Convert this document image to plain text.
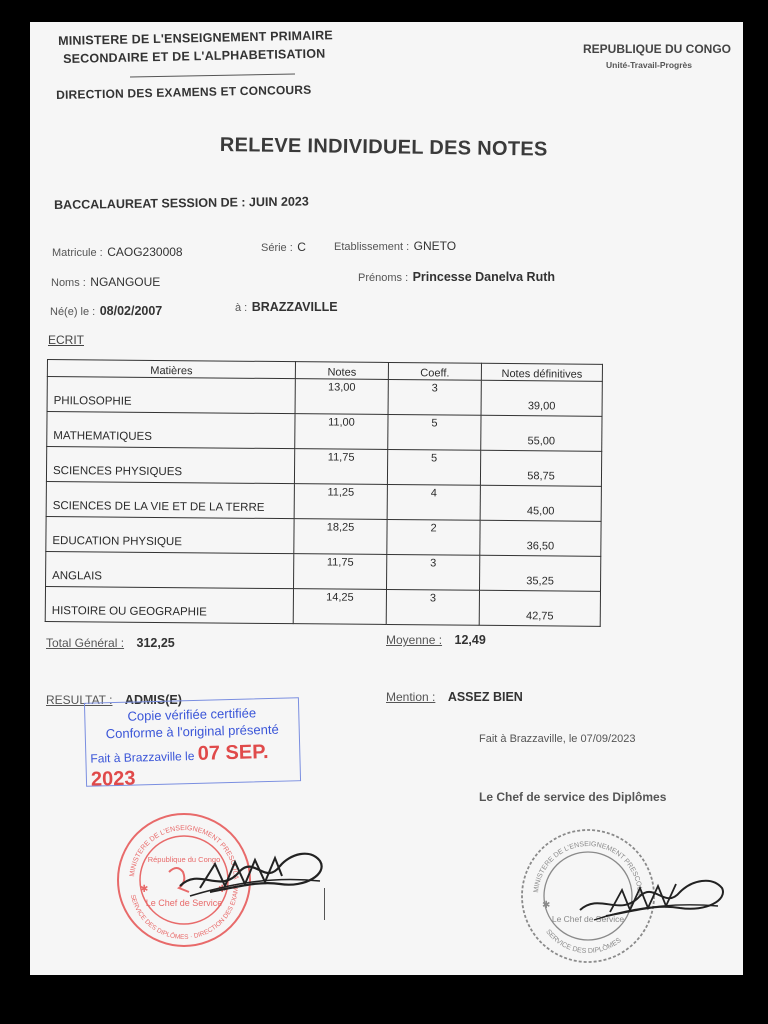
MINISTERE DE L'ENSEIGNEMENT PRIMAIRE
SECONDAIRE ET DE L'ALPHABETISATION
DIRECTION DES EXAMENS ET CONCOURS
REPUBLIQUE DU CONGO
Unité-Travail-Progrès
RELEVE INDIVIDUEL DES NOTES
BACCALAUREAT SESSION DE : JUIN 2023
Matricule : CAOG230008	Série : C	Etablissement : GNETO
Noms : NGANGOUE	Prénoms : Princesse Danelva Ruth
Né(e) le : 08/02/2007	à : BRAZZAVILLE
ECRIT
Matières	Notes	Coeff.	Notes définitives
PHILOSOPHIE	13,00	3	39,00
MATHEMATIQUES	11,00	5	55,00
SCIENCES PHYSIQUES	11,75	5	58,75
SCIENCES DE LA VIE ET DE LA TERRE	11,25	4	45,00
EDUCATION PHYSIQUE	18,25	2	36,50
ANGLAIS	11,75	3	35,25
HISTOIRE OU GEOGRAPHIE	14,25	3	42,75
Total Général : 312,25	Moyenne : 12,49
RESULTAT : ADMIS(E)	Mention : ASSEZ BIEN
Copie vérifiée certifiée
Conforme à l'original présenté
Fait à Brazzaville le 07 SEP. 2023
Fait à Brazzaville, le 07/09/2023
Le Chef de service des Diplômes
MINISTERE DE L'ENSEIGNEMENT PRESCOLA
SERVICE DES DIPLÔMES · DIRECTION DES EXAME
République du Congo
Le Chef de Service
✱	✱	MINISTERE DE L'ENSEIGNEMENT PRESCOLA
SERVICE DES DIPLÔMES
Le Chef de Service
✱
